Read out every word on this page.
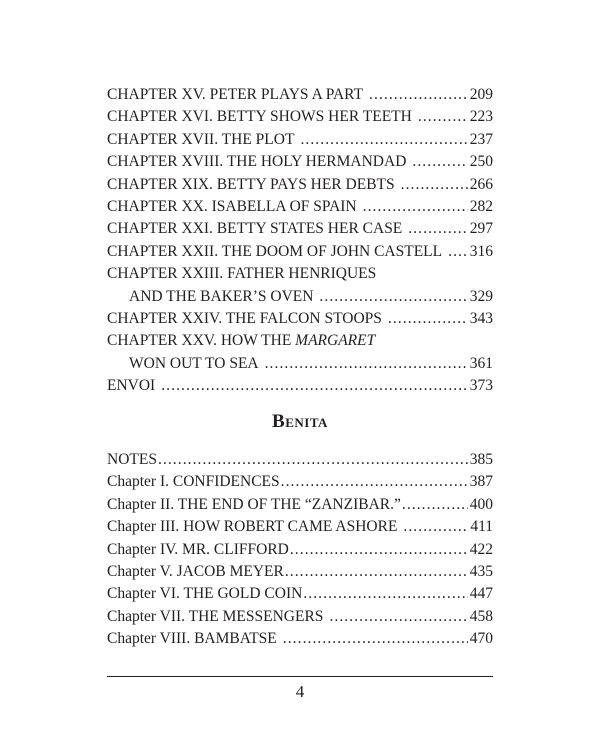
CHAPTER XV. PETER PLAYS A PART . . .	209
CHAPTER XVI. BETTY SHOWS HER TEETH . . .	223
CHAPTER XVII. THE PLOT . . .	237
CHAPTER XVIII. THE HOLY HERMANDAD . . .	250
CHAPTER XIX. BETTY PAYS HER DEBTS . . .	266
CHAPTER XX. ISABELLA OF SPAIN . . .	282
CHAPTER XXI. BETTY STATES HER CASE . . .	297
CHAPTER XXII. THE DOOM OF JOHN CASTELL . . . 316
CHAPTER XXIII. FATHER HENRIQUES
AND THE BAKER’S OVEN . . .	329
CHAPTER XXIV. THE FALCON STOOPS . . .	343
CHAPTER XXV. HOW THE MARGARET
WON OUT TO SEA . . .	361
ENVOI . . .	373
Benita
NOTES . . .	385
Chapter I. CONFIDENCES . . .	387
Chapter II. THE END OF THE “ZANZIBAR.” . . .	400
Chapter III. HOW ROBERT CAME ASHORE . . .	411
Chapter IV. MR. CLIFFORD . . .	422
Chapter V. JACOB MEYER . . .	435
Chapter VI. THE GOLD COIN . . .	447
Chapter VII. THE MESSENGERS . . .	458
Chapter VIII. BAMBATSE . . .	470
4
